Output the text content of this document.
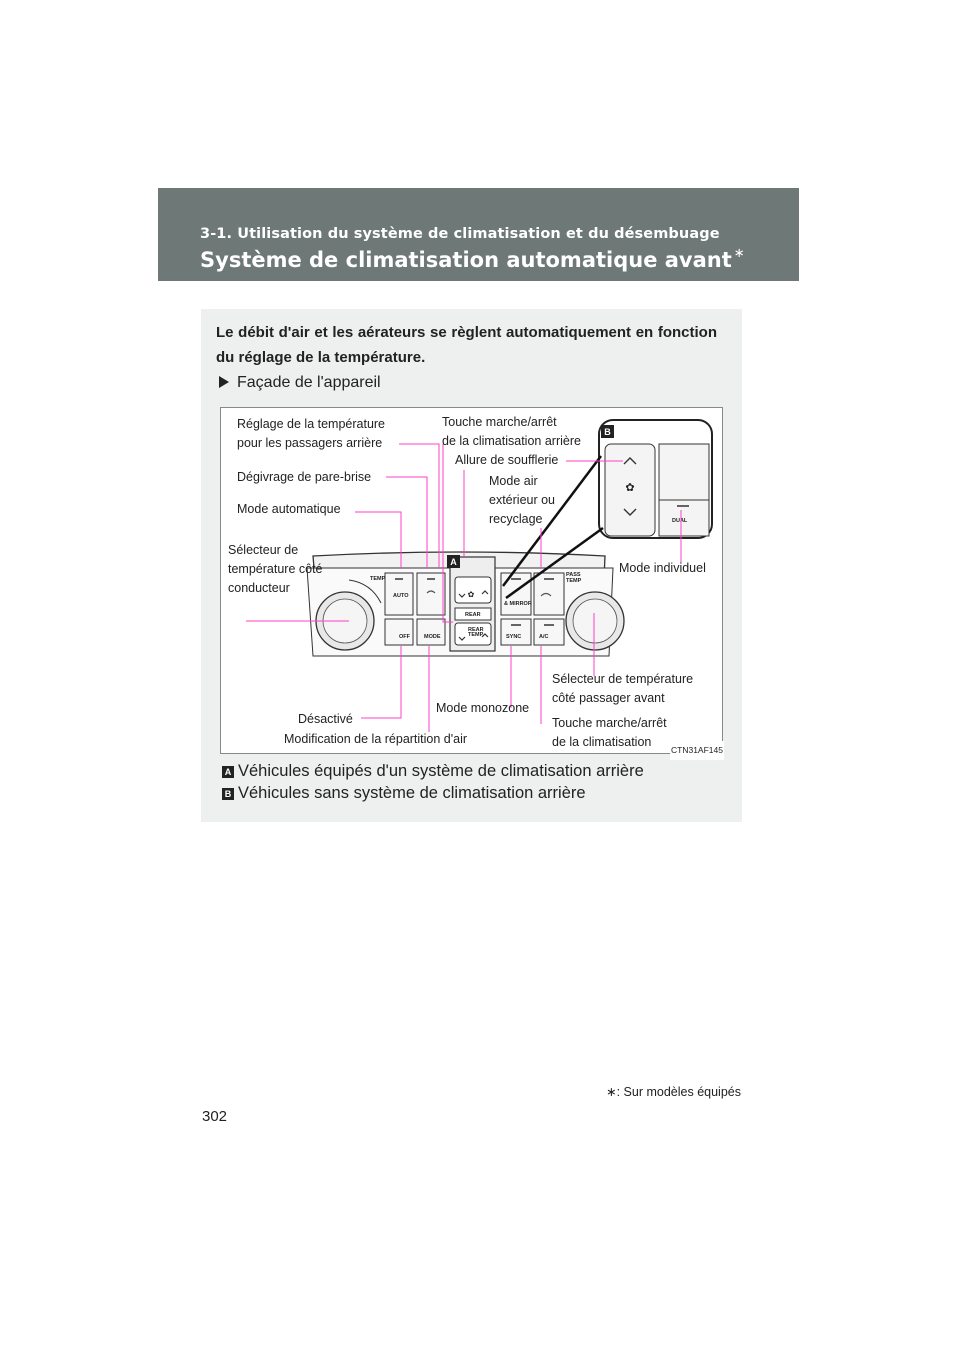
3-1. Utilisation du système de climatisation et du désembuage
Système de climatisation automatique avant ∗
Le débit d'air et les aérateurs se règlent automatiquement en fonction du réglage de la température.
Façade de l'appareil
✿
TEMP
PASS
TEMP
AUTO
OFF	MODE
REAR
REAR
TEMP
& MIRROR
SYNC	A/C
A
B
✿
DUAL
Réglage de la température
pour les passagers arrière
Touche marche/arrêt
de la climatisation arrière
Allure de soufflerie
Dégivrage de pare-brise	Mode air
extérieur ou
recyclage
Mode automatique
Sélecteur de
température côté
conducteur
Mode individuel
Sélecteur de température
côté passager avant
Mode monozone
Désactivé	Touche marche/arrêt
de la climatisation
Modification de la répartition d'air
CTN31AF145
A Véhicules équipés d'un système de climatisation arrière
B Véhicules sans système de climatisation arrière
∗: Sur modèles équipés
302
